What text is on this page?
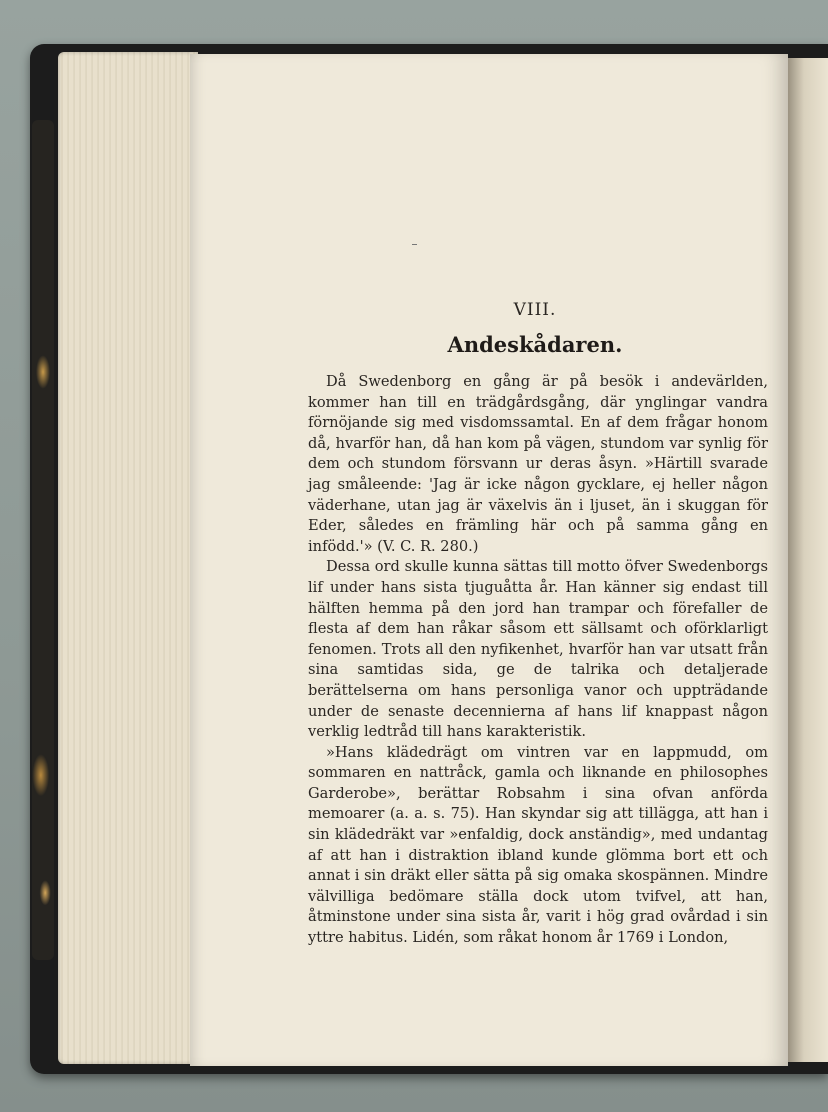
VIII.
Andeskådaren.

Då Swedenborg en gång är på besök i andevärlden, kommer han till en trädgårdsgång, där ynglingar vandra förnöjande sig med visdomssamtal. En af dem frågar honom då, hvarför han, då han kom på vägen, stundom var synlig för dem och stundom försvann ur deras åsyn. »Härtill svarade jag småleende: 'Jag är icke någon gycklare, ej heller någon väderhane, utan jag är växelvis än i ljuset, än i skuggan för Eder, således en främling här och på samma gång en infödd.'» (V. C. R. 280.)

Dessa ord skulle kunna sättas till motto öfver Swedenborgs lif under hans sista tjuguåtta år. Han känner sig endast till hälften hemma på den jord han trampar och förefaller de flesta af dem han råkar såsom ett sällsamt och oförklarligt fenomen. Trots all den nyfikenhet, hvarför han var utsatt från sina samtidas sida, ge de talrika och detaljerade berättelserna om hans personliga vanor och uppträdande under de senaste decennierna af hans lif knappast någon verklig ledtråd till hans karakteristik.

»Hans klädedrägt om vintren var en lappmudd, om sommaren en nattråck, gamla och liknande en philosophes Garderobe», berättar Robsahm i sina ofvan anförda memoarer (a. a. s. 75). Han skyndar sig att tillägga, att han i sin klädedräkt var »enfaldig, dock anständig», med undantag af att han i distraktion ibland kunde glömma bort ett och annat i sin dräkt eller sätta på sig omaka skospännen. Mindre välvilliga bedömare ställa dock utom tvifvel, att han, åtminstone under sina sista år, varit i hög grad ovårdad i sin yttre habitus. Lidén, som råkat honom år 1769 i London,
